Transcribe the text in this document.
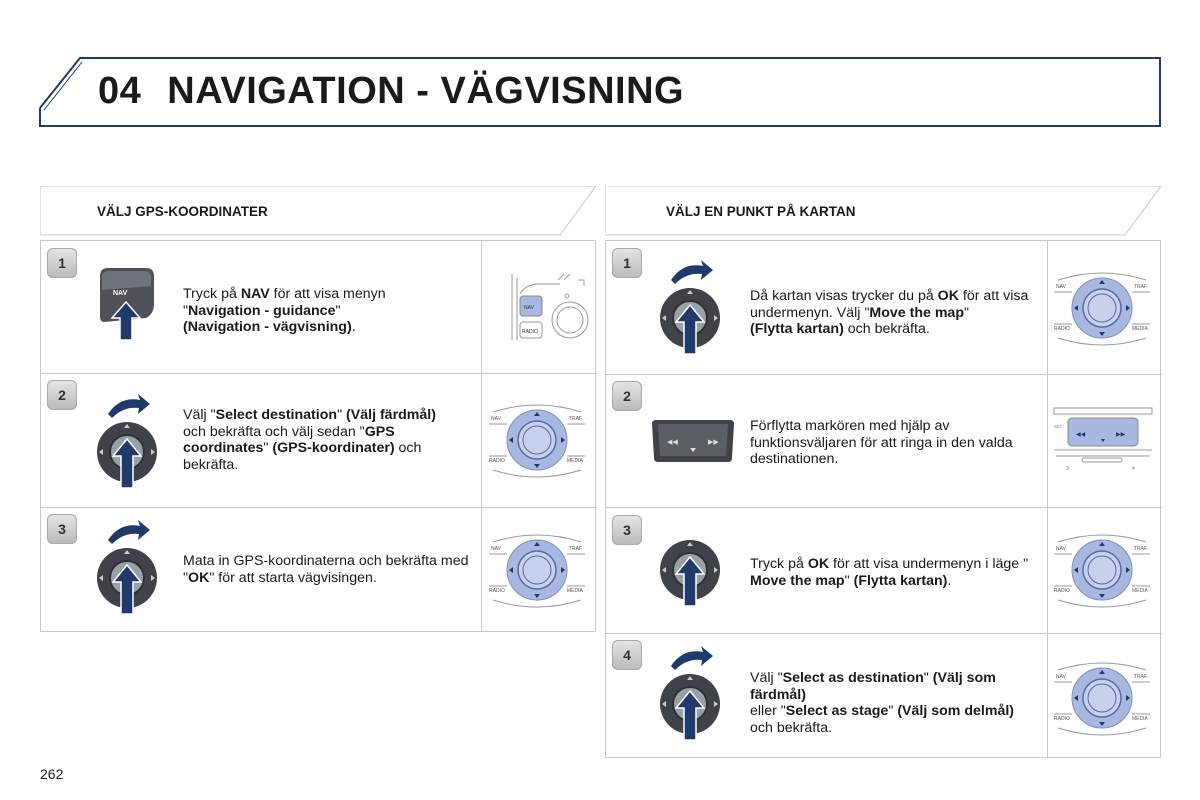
04 NAVIGATION - VÄGVISNING
VÄLJ GPS-KOORDINATER	VÄLJ EN PUNKT PÅ KARTAN
1
NAV	Tryck på NAV för att visa menyn
"Navigation - guidance"
(Navigation - vägvisning).
NAV
RADIO
2
Välj "Select destination" (Välj färdmål)
och bekräfta och välj sedan "GPS coordinates" (GPS-koordinater) och bekräfta.
3
Mata in GPS-koordinaterna och bekräfta med "OK" för att starta vägvisingen.
1
Då kartan visas trycker du på OK för att visa undermenyn. Välj "Move the map"
(Flytta kartan) och bekräfta.
2
◀◀	▶▶
Förflytta markören med hjälp av funktionsväljaren för att ringa in den valda destinationen.
◀◀	▶▶
SET
3	4
3
Tryck på OK för att visa undermenyn i läge "
Move the map" (Flytta kartan).
4
Välj "Select as destination" (Välj som färdmål)
eller "Select as stage" (Välj som delmål) och bekräfta.
NAV	TRAF.
RADIO	MEDIA
NAV	TRAF.
RADIO	MEDIA
NAV	TRAF.
RADIO	MEDIA
NAV	TRAF.
RADIO	MEDIA
NAV	TRAF.
RADIO	MEDIA
262
